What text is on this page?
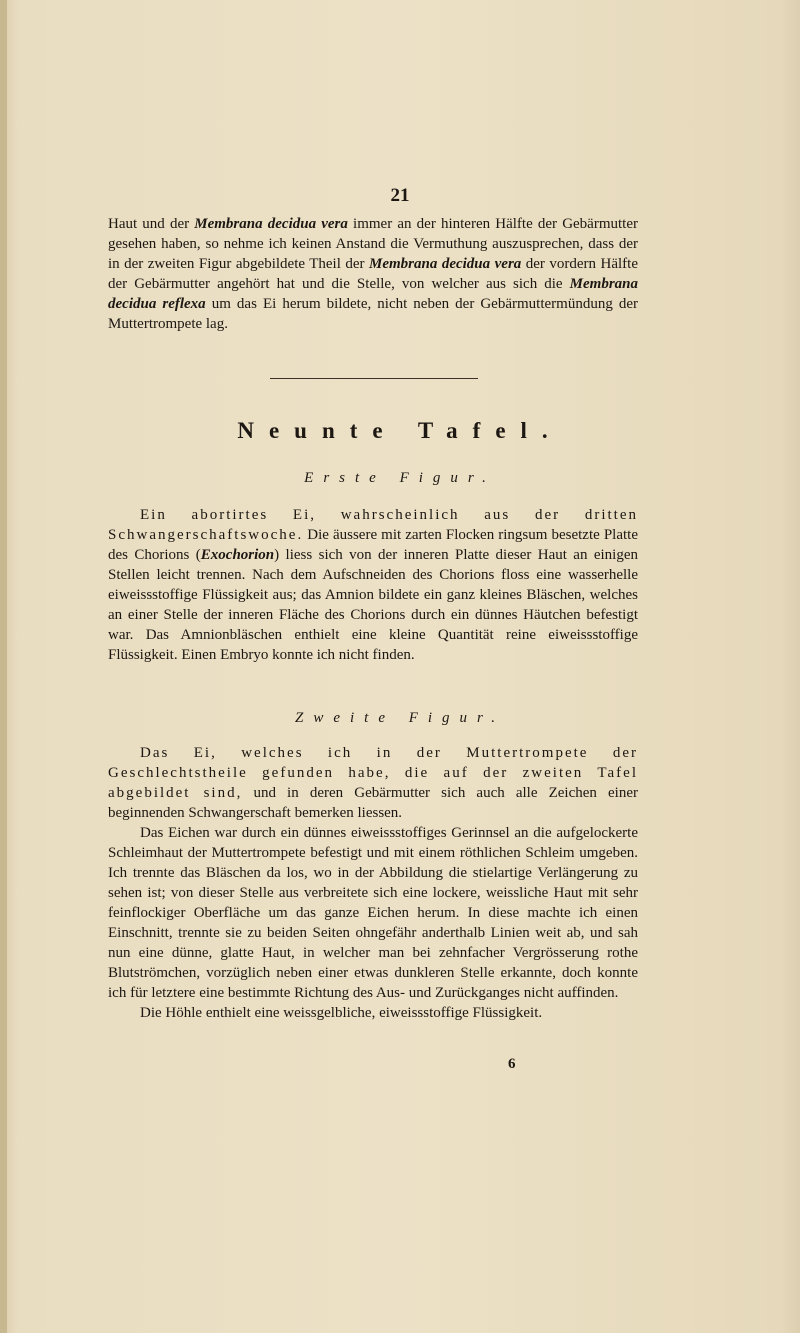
21

Haut und der Membrana decidua vera immer an der hinteren Hälfte der Gebärmutter gesehen haben, so nehme ich keinen Anstand die Vermuthung auszusprechen, dass der in der zweiten Figur abgebildete Theil der Membrana decidua vera der vordern Hälfte der Gebärmutter angehört hat und die Stelle, von welcher aus sich die Membrana decidua reflexa um das Ei herum bildete, nicht neben der Gebärmuttermündung der Muttertrompete lag.

Neunte Tafel.
Erste Figur.

Ein abortirtes Ei, wahrscheinlich aus der dritten Schwangerschaftswoche. Die äussere mit zarten Flocken ringsum besetzte Platte des Chorions (Exochorion) liess sich von der inneren Platte dieser Haut an einigen Stellen leicht trennen. Nach dem Aufschneiden des Chorions floss eine wasserhelle eiweissstoffige Flüssigkeit aus; das Amnion bildete ein ganz kleines Bläschen, welches an einer Stelle der inneren Fläche des Chorions durch ein dünnes Häutchen befestigt war. Das Amnionbläschen enthielt eine kleine Quantität reine eiweissstoffige Flüssigkeit. Einen Embryo konnte ich nicht finden.

Zweite Figur.

Das Ei, welches ich in der Muttertrompete der Geschlechtstheile gefunden habe, die auf der zweiten Tafel abgebildet sind, und in deren Gebärmutter sich auch alle Zeichen einer beginnenden Schwangerschaft bemerken liessen.

Das Eichen war durch ein dünnes eiweissstoffiges Gerinnsel an die aufgelockerte Schleimhaut der Muttertrompete befestigt und mit einem röthlichen Schleim umgeben. Ich trennte das Bläschen da los, wo in der Abbildung die stielartige Verlängerung zu sehen ist; von dieser Stelle aus verbreitete sich eine lockere, weissliche Haut mit sehr feinflockiger Oberfläche um das ganze Eichen herum. In diese machte ich einen Einschnitt, trennte sie zu beiden Seiten ohngefähr anderthalb Linien weit ab, und sah nun eine dünne, glatte Haut, in welcher man bei zehnfacher Vergrösserung rothe Blutströmchen, vorzüglich neben einer etwas dunkleren Stelle erkannte, doch konnte ich für letztere eine bestimmte Richtung des Aus- und Zurückganges nicht auffinden.

Die Höhle enthielt eine weissgelbliche, eiweissstoffige Flüssigkeit.

6
